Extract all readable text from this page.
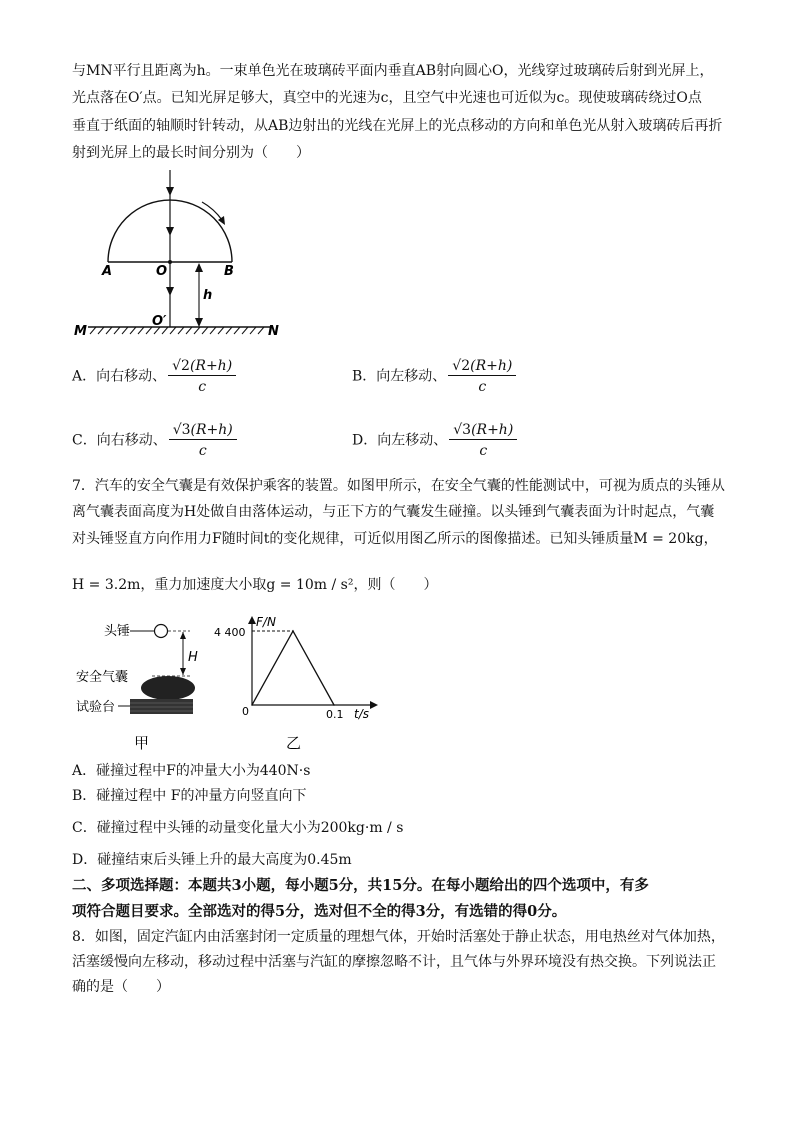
与MN平行且距离为h。一束单色光在玻璃砖平面内垂直AB射向圆心O，光线穿过玻璃砖后射到光屏上，
光点落在O′点。已知光屏足够大，真空中的光速为c，且空气中光速也可近似为c。现使玻璃砖绕过O点
垂直于纸面的轴顺时针转动，从AB边射出的光线在光屏上的光点移动的方向和单色光从射入玻璃砖后再折
射到光屏上的最长时间分别为（　　）
A	O	B
h
O′
M	N
A．向右移动、 $\frac{√2(R+h)}{c}$	B．向左移动、 $\frac{√2(R+h)}{c}$
C．向右移动、 $\frac{√3(R+h)}{c}$	D．向左移动、 $\frac{√3(R+h)}{c}$
7．汽车的安全气囊是有效保护乘客的装置。如图甲所示，在安全气囊的性能测试中，可视为质点的头锤从
离气囊表面高度为H处做自由落体运动，与正下方的气囊发生碰撞。以头锤到气囊表面为计时起点，气囊
对头锤竖直方向作用力F随时间t的变化规律，可近似用图乙所示的图像描述。已知头锤质量M = 20kg，
H = 3.2m，重力加速度大小取g = 10m / s²，则（　　）
头锤
H
安全气囊
试验台
甲
F/N
4 400
0	0.1 t/s
乙
A．碰撞过程中F的冲量大小为440N·s
B．碰撞过程中 F的冲量方向竖直向下
C．碰撞过程中头锤的动量变化量大小为200kg·m / s
D．碰撞结束后头锤上升的最大高度为0.45m
二、多项选择题：本题共3小题，每小题5分，共15分。在每小题给出的四个选项中，有多
项符合题目要求。全部选对的得5分，选对但不全的得3分，有选错的得0分。
8．如图，固定汽缸内由活塞封闭一定质量的理想气体，开始时活塞处于静止状态，用电热丝对气体加热，
活塞缓慢向左移动，移动过程中活塞与汽缸的摩擦忽略不计，且气体与外界环境没有热交换。下列说法正
确的是（　　）
